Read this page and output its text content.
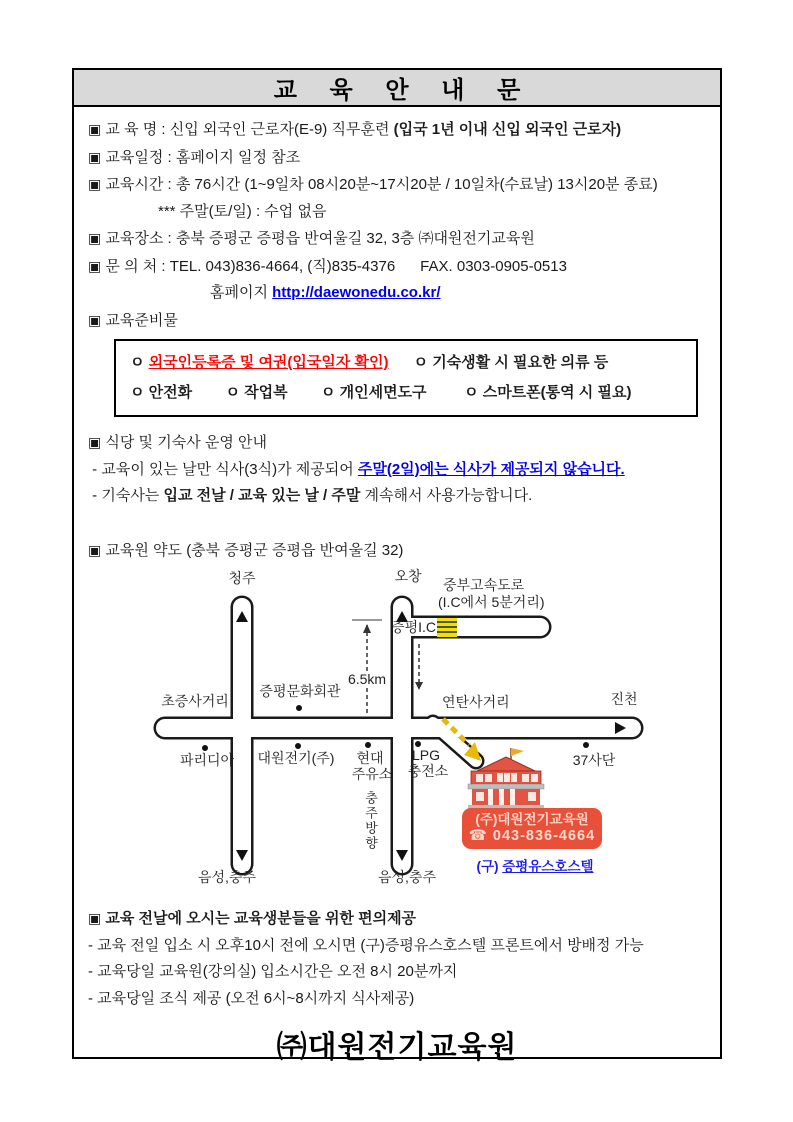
교 육 안 내 문

▣ 교 육 명 : 신입 외국인 근로자(E-9) 직무훈련 (입국 1년 이내 신입 외국인 근로자)

▣ 교육일정 : 홈페이지 일정 참조

▣ 교육시간 : 총 76시간 (1~9일차 08시20분~17시20분 / 10일차(수료날) 13시20분 종료)

*** 주말(토/일) : 수업 없음

▣ 교육장소 : 충북 증평군 증평읍 반여울길 32, 3층 ㈜대원전기교육원

▣ 문 의 처 : TEL. 043)836-4664, (직)835-4376      FAX. 0303-0905-0513

홈페이지 http://daewonedu.co.kr/

▣ 교육준비물

ㅇ 외국인등록증 및 여권(입국일자 확인) ㅇ 기숙생활 시 필요한 의류 등

ㅇ 안전화        ㅇ 작업복        ㅇ 개인세면도구         ㅇ 스마트폰(통역 시 필요)

▣ 식당 및 기숙사 운영 안내

- 교육이 있는 날만 식사(3식)가 제공되어 주말(2일)에는 식사가 제공되지 않습니다.

- 기숙사는 입교 전날 / 교육 있는 날 / 주말 계속해서 사용가능합니다.

▣ 교육원 약도 (충북 증평군 증평읍 반여울길 32)

청주	오창
중부고속도로
(I.C에서 5분거리)
증평I.C
6.5km
증평문화회관
초증사거리	연탄사거리	진천
파리디아 대원전기(주) 현대
주유소
LPG
충전소
37사단
충주방향
음성,충주	음성,충주
(주)대원전기교육원
☎ 043-836-4664
(구) 증평유스호스텔

▣ 교육 전날에 오시는 교육생분들을 위한 편의제공

- 교육 전일 입소 시 오후10시 전에 오시면 (구)증평유스호스텔 프론트에서 방배정 가능

- 교육당일 교육원(강의실) 입소시간은 오전 8시 20분까지

- 교육당일 조식 제공 (오전 6시~8시까지 식사제공)

㈜대원전기교육원
